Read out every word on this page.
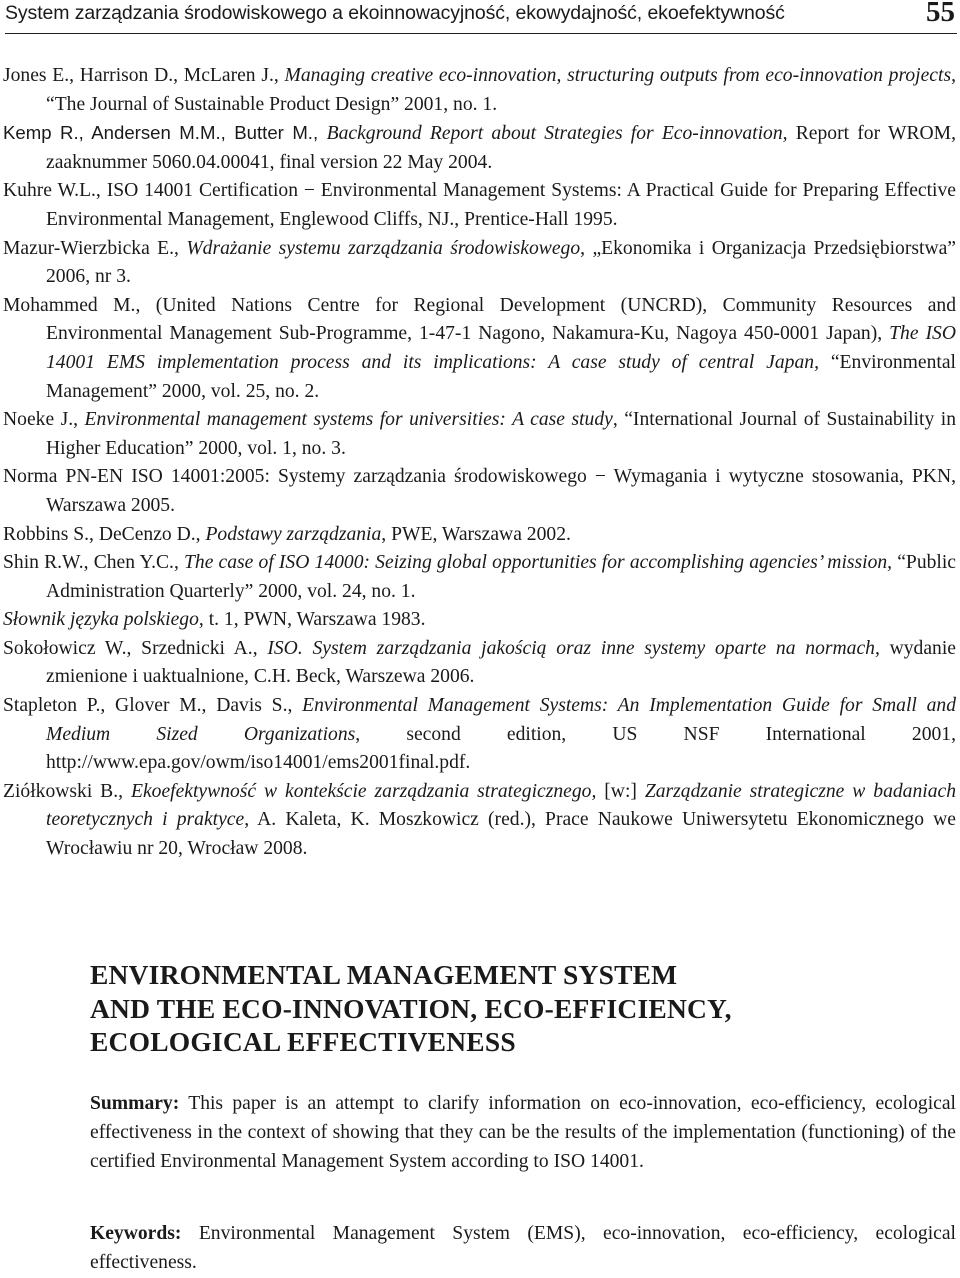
System zarządzania środowiskowego a ekoinnowacyjność, ekowydajność, ekoefektywność	55

Jones E., Harrison D., McLaren J., Managing creative eco-innovation, structuring outputs from eco-innovation projects, “The Journal of Sustainable Product Design” 2001, no. 1.

Kemp R., Andersen M.M., Butter M., Background Report about Strategies for Eco-innovation, Report for WROM, zaaknummer 5060.04.00041, final version 22 May 2004.

Kuhre W.L., ISO 14001 Certification − Environmental Management Systems: A Practical Guide for Preparing Effective Environmental Management, Englewood Cliffs, NJ., Prentice-Hall 1995.

Mazur-Wierzbicka E., Wdrażanie systemu zarządzania środowiskowego, „Ekonomika i Organizacja Przedsiębiorstwa” 2006, nr 3.

Mohammed M., (United Nations Centre for Regional Development (UNCRD), Community Resources and Environmental Management Sub-Programme, 1-47-1 Nagono, Nakamura-Ku, Nagoya 450-0001 Japan), The ISO 14001 EMS implementation process and its implications: A case study of central Japan, “Environmental Management” 2000, vol. 25, no. 2.

Noeke J., Environmental management systems for universities: A case study, “International Journal of Sustainability in Higher Education” 2000, vol. 1, no. 3.

Norma PN-EN ISO 14001:2005: Systemy zarządzania środowiskowego − Wymagania i wytyczne stosowania, PKN, Warszawa 2005.

Robbins S., DeCenzo D., Podstawy zarządzania, PWE, Warszawa 2002.

Shin R.W., Chen Y.C., The case of ISO 14000: Seizing global opportunities for accomplishing agencies’ mission, “Public Administration Quarterly” 2000, vol. 24, no. 1.

Słownik języka polskiego, t. 1, PWN, Warszawa 1983.

Sokołowicz W., Srzednicki A., ISO. System zarządzania jakością oraz inne systemy oparte na normach, wydanie zmienione i uaktualnione, C.H. Beck, Warszewa 2006.

Stapleton P., Glover M., Davis S., Environmental Management Systems: An Implementation Guide for Small and Medium Sized Organizations, second edition, US NSF International 2001, http://www.epa.gov/owm/iso14001/ems2001final.pdf.

Ziółkowski B., Ekoefektywność w kontekście zarządzania strategicznego, [w:] Zarządzanie strategiczne w badaniach teoretycznych i praktyce, A. Kaleta, K. Moszkowicz (red.), Prace Naukowe Uniwersytetu Ekonomicznego we Wrocławiu nr 20, Wrocław 2008.

ENVIRONMENTAL MANAGEMENT SYSTEM
AND THE ECO-INNOVATION, ECO-EFFICIENCY,
ECOLOGICAL EFFECTIVENESS

Summary: This paper is an attempt to clarify information on eco-innovation, eco-efficiency, ecological effectiveness in the context of showing that they can be the results of the implementation (functioning) of the certified Environmental Management System according to ISO 14001.

Keywords: Environmental Management System (EMS), eco-innovation, eco-efficiency, ecological effectiveness.
